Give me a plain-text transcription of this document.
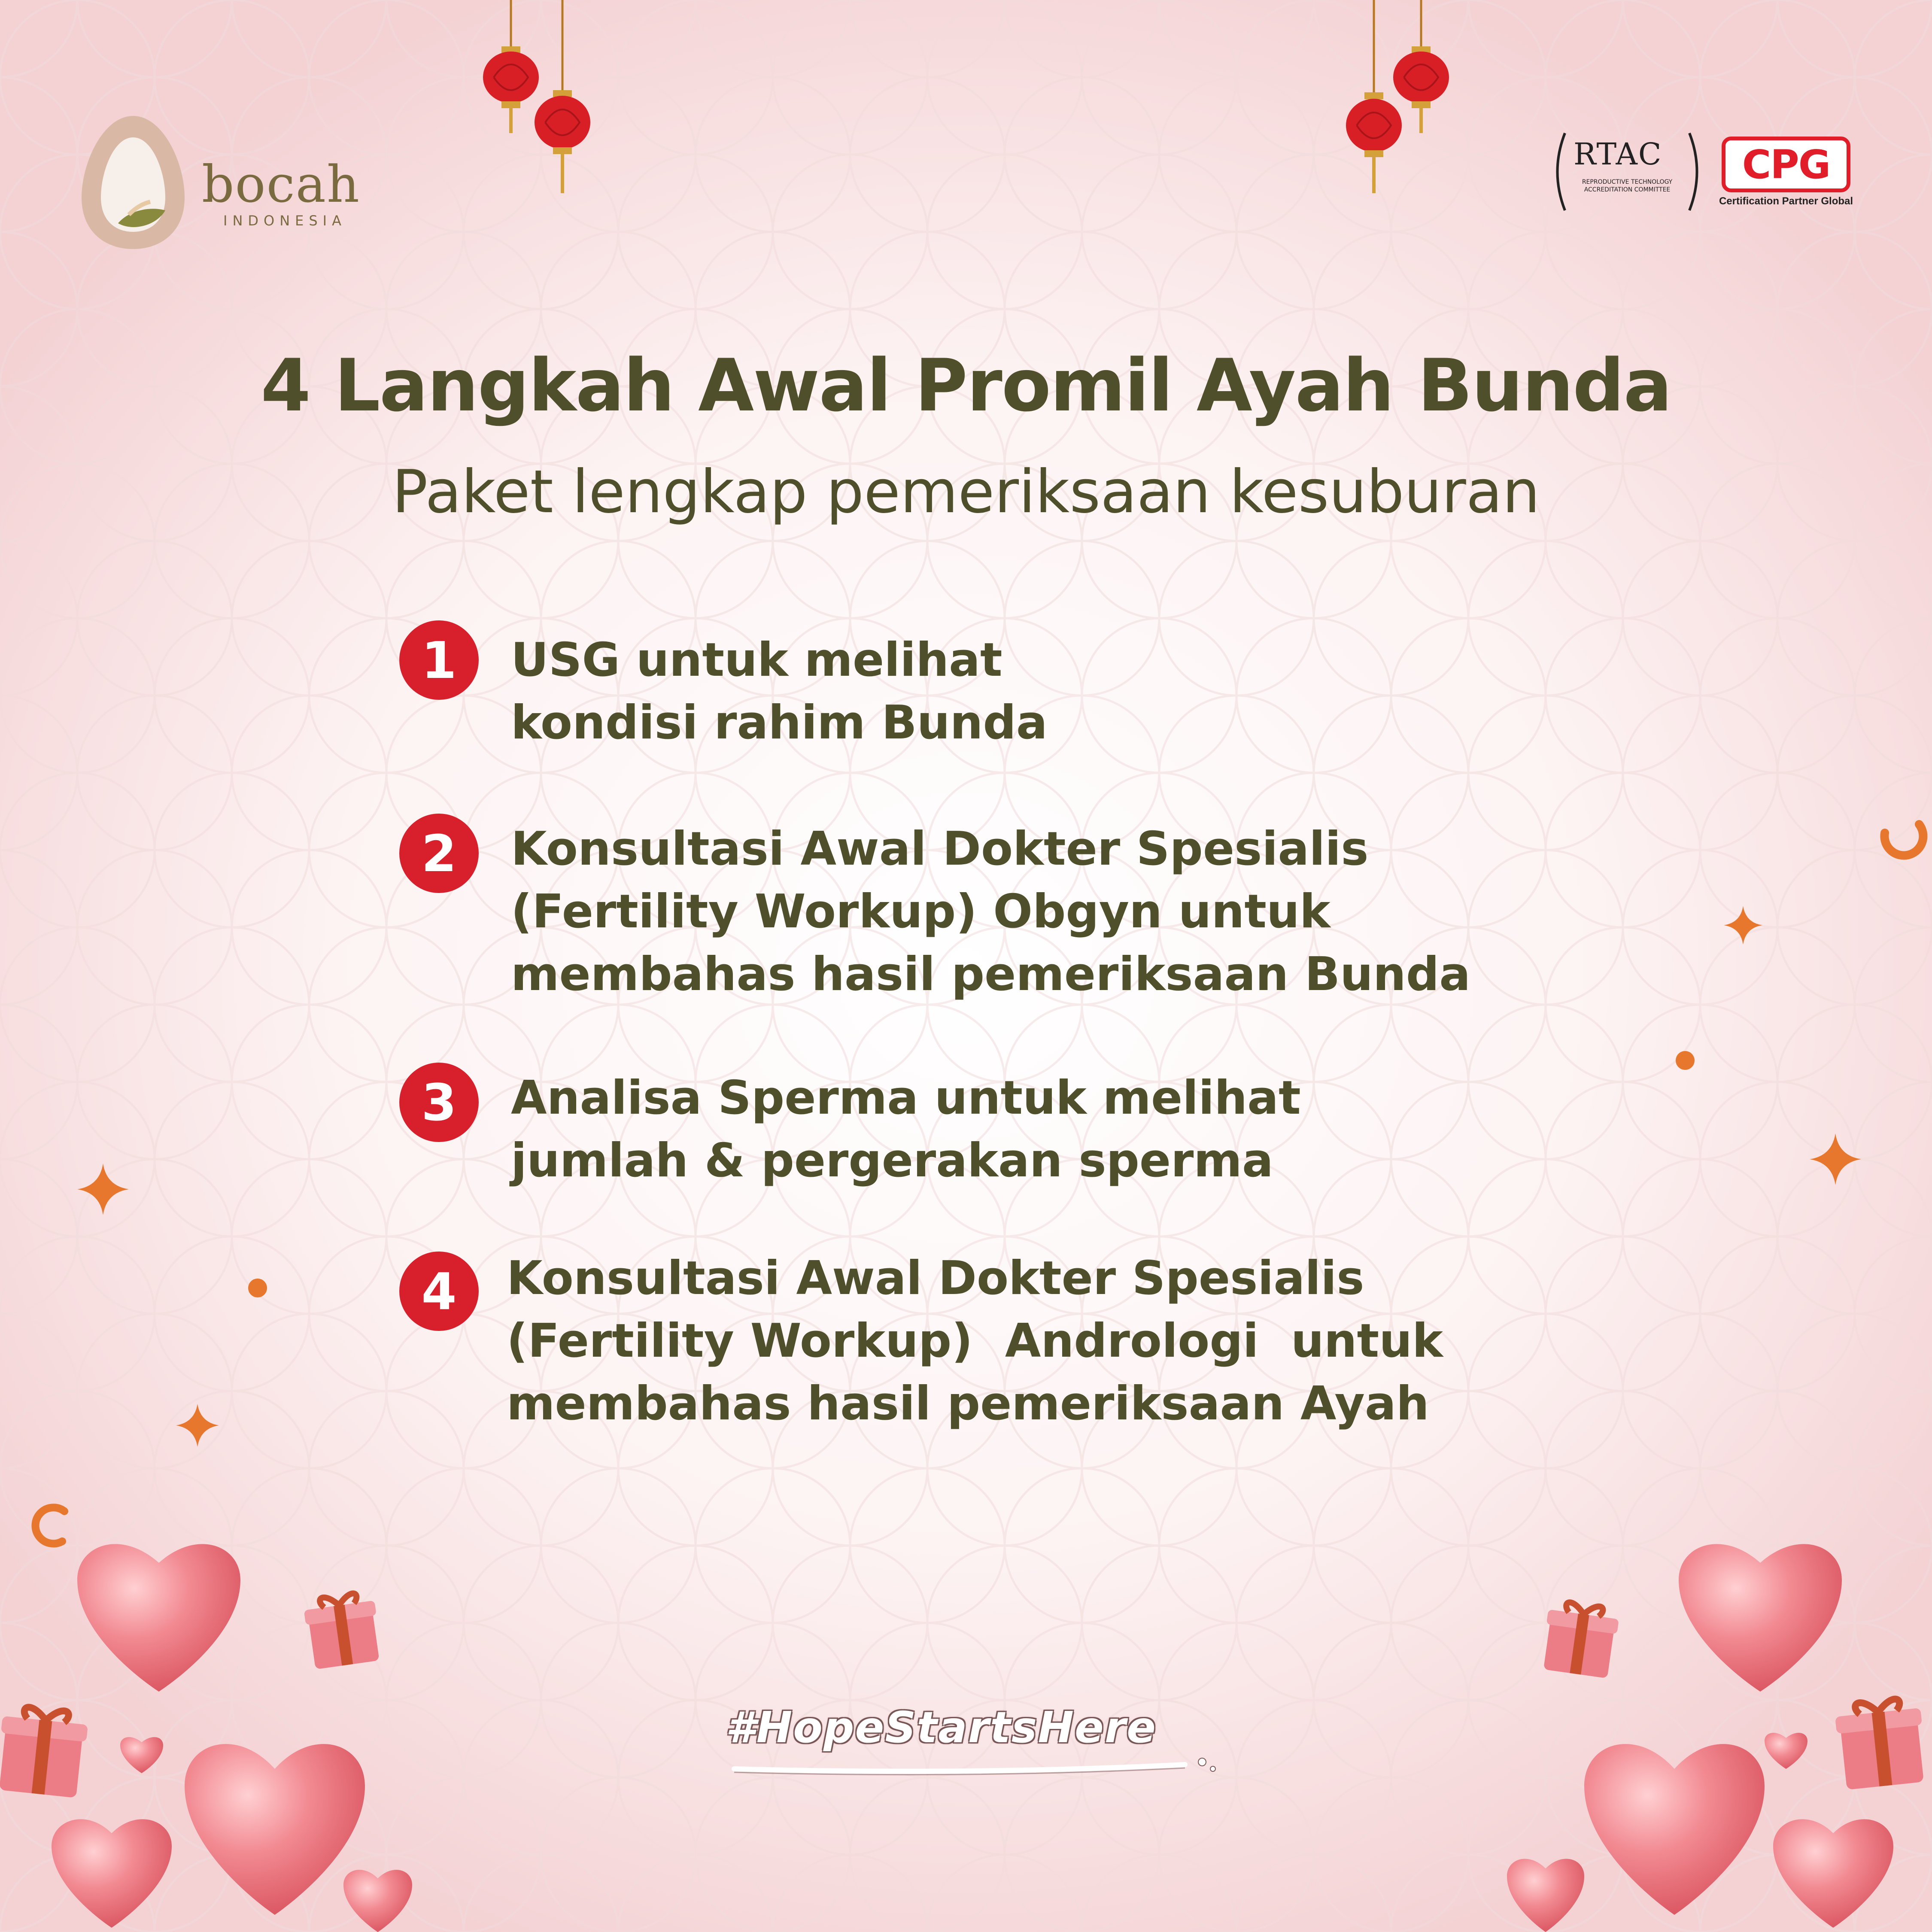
bocah
INDONESIA
RTAC
REPRODUCTIVE TECHNOLOGY ACCREDITATION COMMITTEE
CPG
Certification Partner Global
4 Langkah Awal Promil Ayah Bunda
Paket lengkap pemeriksaan kesuburan
1	USG untuk melihat
kondisi rahim Bunda
2	Konsultasi Awal Dokter Spesialis
(Fertility Workup) Obgyn untuk
membahas hasil pemeriksaan Bunda
3	Analisa Sperma untuk melihat
jumlah & pergerakan sperma
4	Konsultasi Awal Dokter Spesialis
(Fertility Workup)  Andrologi  untuk
membahas hasil pemeriksaan Ayah
#HopeStartsHere
